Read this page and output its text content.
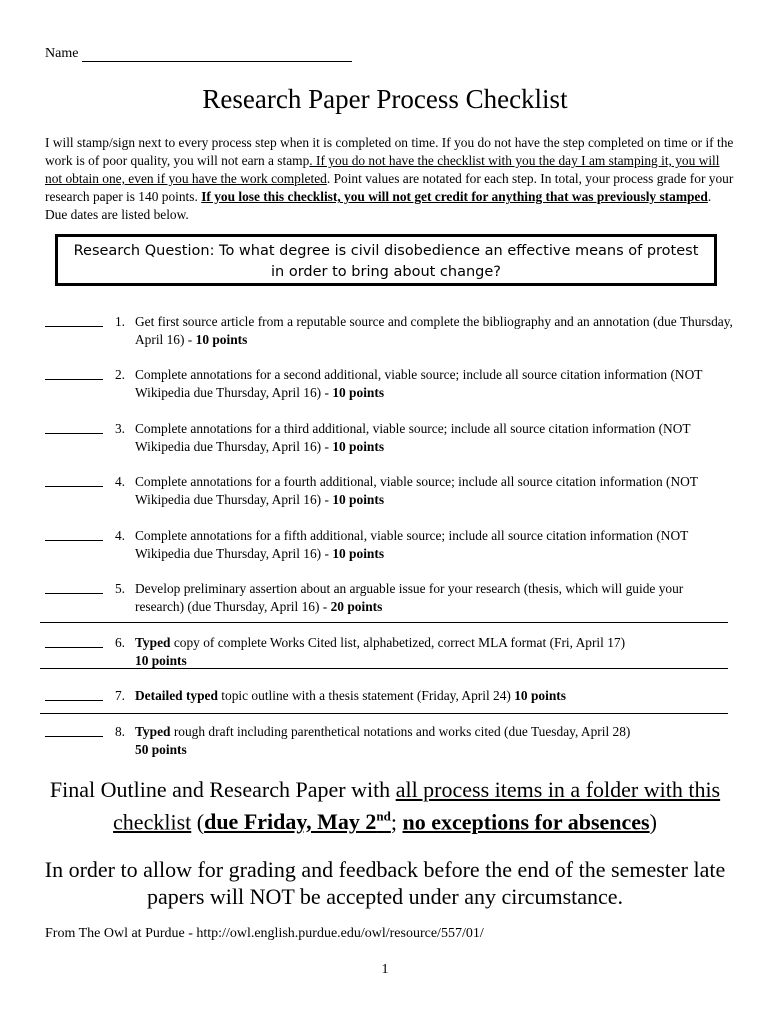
Name
Research Paper Process Checklist
I will stamp/sign next to every process step when it is completed on time. If you do not have the step completed on time or if the work is of poor quality, you will not earn a stamp. If you do not have the checklist with you the day I am stamping it, you will not obtain one, even if you have the work completed. Point values are notated for each step. In total, your process grade for your research paper is 140 points. If you lose this checklist, you will not get credit for anything that was previously stamped. Due dates are listed below.
Research Question: To what degree is civil disobedience an effective means of protest
in order to bring about change?
1. Get first source article from a reputable source and complete the bibliography and an annotation (due Thursday, April 16) - 10 points
2. Complete annotations for a second additional, viable source; include all source citation information (NOT Wikipedia due Thursday, April 16) - 10 points
3. Complete annotations for a third additional, viable source; include all source citation information (NOT Wikipedia due Thursday, April 16) - 10 points
4. Complete annotations for a fourth additional, viable source; include all source citation information (NOT Wikipedia due Thursday, April 16) - 10 points
4. Complete annotations for a fifth additional, viable source; include all source citation information (NOT Wikipedia due Thursday, April 16) - 10 points
5. Develop preliminary assertion about an arguable issue for your research (thesis, which will guide your research) (due Thursday, April 16) - 20 points
6. Typed copy of complete Works Cited list, alphabetized, correct MLA format (Fri, April 17)
10 points
7. Detailed typed topic outline with a thesis statement (Friday, April 24) 10 points
8. Typed rough draft including parenthetical notations and works cited (due Tuesday, April 28)
50 points
Final Outline and Research Paper with all process items in a folder with this checklist (due Friday, May 2nd; no exceptions for absences)
In order to allow for grading and feedback before the end of the semester late papers will NOT be accepted under any circumstance.
From The Owl at Purdue - http://owl.english.purdue.edu/owl/resource/557/01/
1
